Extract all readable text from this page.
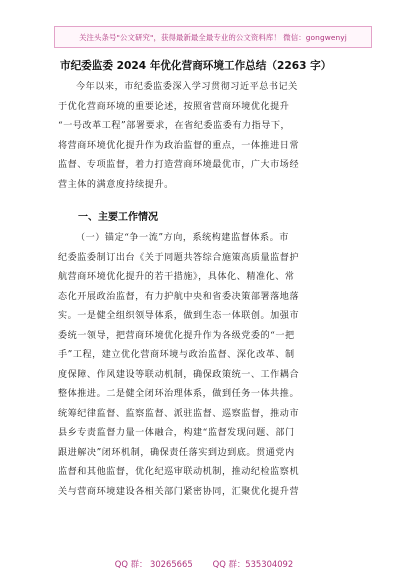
关注头条号"公文研究"，获得最新最全最专业的公文资料库！ 微信：gongwenyj
市纪委监委 2024 年优化营商环境工作总结（2263 字）
今年以来，市纪委监委深入学习贯彻习近平总书记关
于优化营商环境的重要论述，按照省营商环境优化提升
“一号改革工程”部署要求，在省纪委监委有力指导下，
将营商环境优化提升作为政治监督的重点，一体推进日常
监督、专项监督，着力打造营商环境最优市，广大市场经
营主体的满意度持续提升。
一、主要工作情况
（一）锚定“争一流”方向，系统构建监督体系。市
纪委监委制订出台《关于同题共答综合施策高质量监督护
航营商环境优化提升的若干措施》，具体化、精准化、常
态化开展政治监督，有力护航中央和省委决策部署落地落
实。一是健全组织领导体系，做到生态一体联创。加强市
委统一领导，把营商环境优化提升作为各级党委的“一把
手”工程，建立优化营商环境与政治监督、深化改革、制
度保障、作风建设等联动机制，确保政策统一、工作耦合
整体推进。二是健全闭环治理体系，做到任务一体共推。
统筹纪律监督、监察监督、派驻监督、巡察监督，推动市
县乡专责监督力量一体融合，构建“监督发现问题、部门
跟进解决”闭环机制，确保责任落实到边到底。贯通党内
监督和其他监督，优化纪巡审联动机制，推动纪检监察机
关与营商环境建设各相关部门紧密协同，汇聚优化提升营
QQ 群： 30265665 QQ 群：535304092
